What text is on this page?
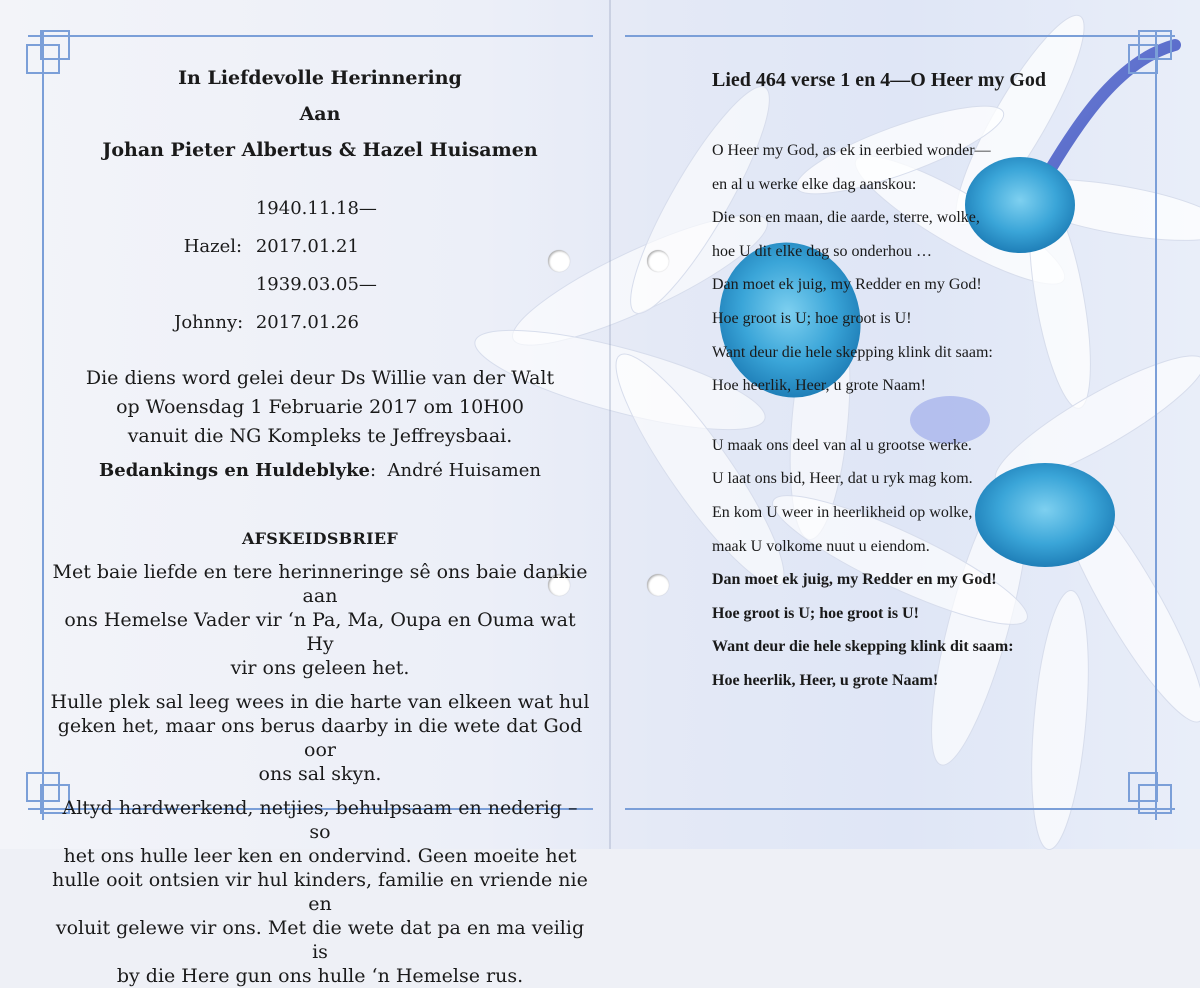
In Liefdevolle Herinnering
Aan
Johan Pieter Albertus & Hazel Huisamen
Hazel: 1940.11.18—2017.01.21
Johnny: 1939.03.05—2017.01.26
Die diens word gelei deur Ds Willie van der Walt
op Woensdag 1 Februarie 2017 om 10H00
vanuit die NG Kompleks te Jeffreysbaai.
Bedankings en Huldeblyke:  André Huisamen
AFSKEIDSBRIEF
Met baie liefde en tere herinneringe sê ons baie dankie aan
ons Hemelse Vader vir ‘n Pa, Ma, Oupa en Ouma wat Hy
vir ons geleen het.
Hulle plek sal leeg wees in die harte van elkeen wat hul
geken het, maar ons berus daarby in die wete dat God oor
ons sal skyn.
Altyd hardwerkend, netjies, behulpsaam en nederig – so
het ons hulle leer ken en ondervind. Geen moeite het
hulle ooit ontsien vir hul kinders, familie en vriende nie en
voluit gelewe vir ons. Met die wete dat pa en ma veilig is
by die Here gun ons hulle ‘n Hemelse rus.
Lied 464 verse 1 en 4—O Heer my God
O Heer my God, as ek in eerbied wonder—
en al u werke elke dag aanskou:
Die son en maan, die aarde, sterre, wolke,
hoe U dit elke dag so onderhou …
Dan moet ek juig, my Redder en my God!
Hoe groot is U; hoe groot is U!
Want deur die hele skepping klink dit saam:
Hoe heerlik, Heer, u grote Naam!
U maak ons deel van al u grootse werke.
U laat ons bid, Heer, dat u ryk mag kom.
En kom U weer in heerlikheid op wolke,
maak U volkome nuut u eiendom.
Dan moet ek juig, my Redder en my God!
Hoe groot is U; hoe groot is U!
Want deur die hele skepping klink dit saam:
Hoe heerlik, Heer, u grote Naam!
